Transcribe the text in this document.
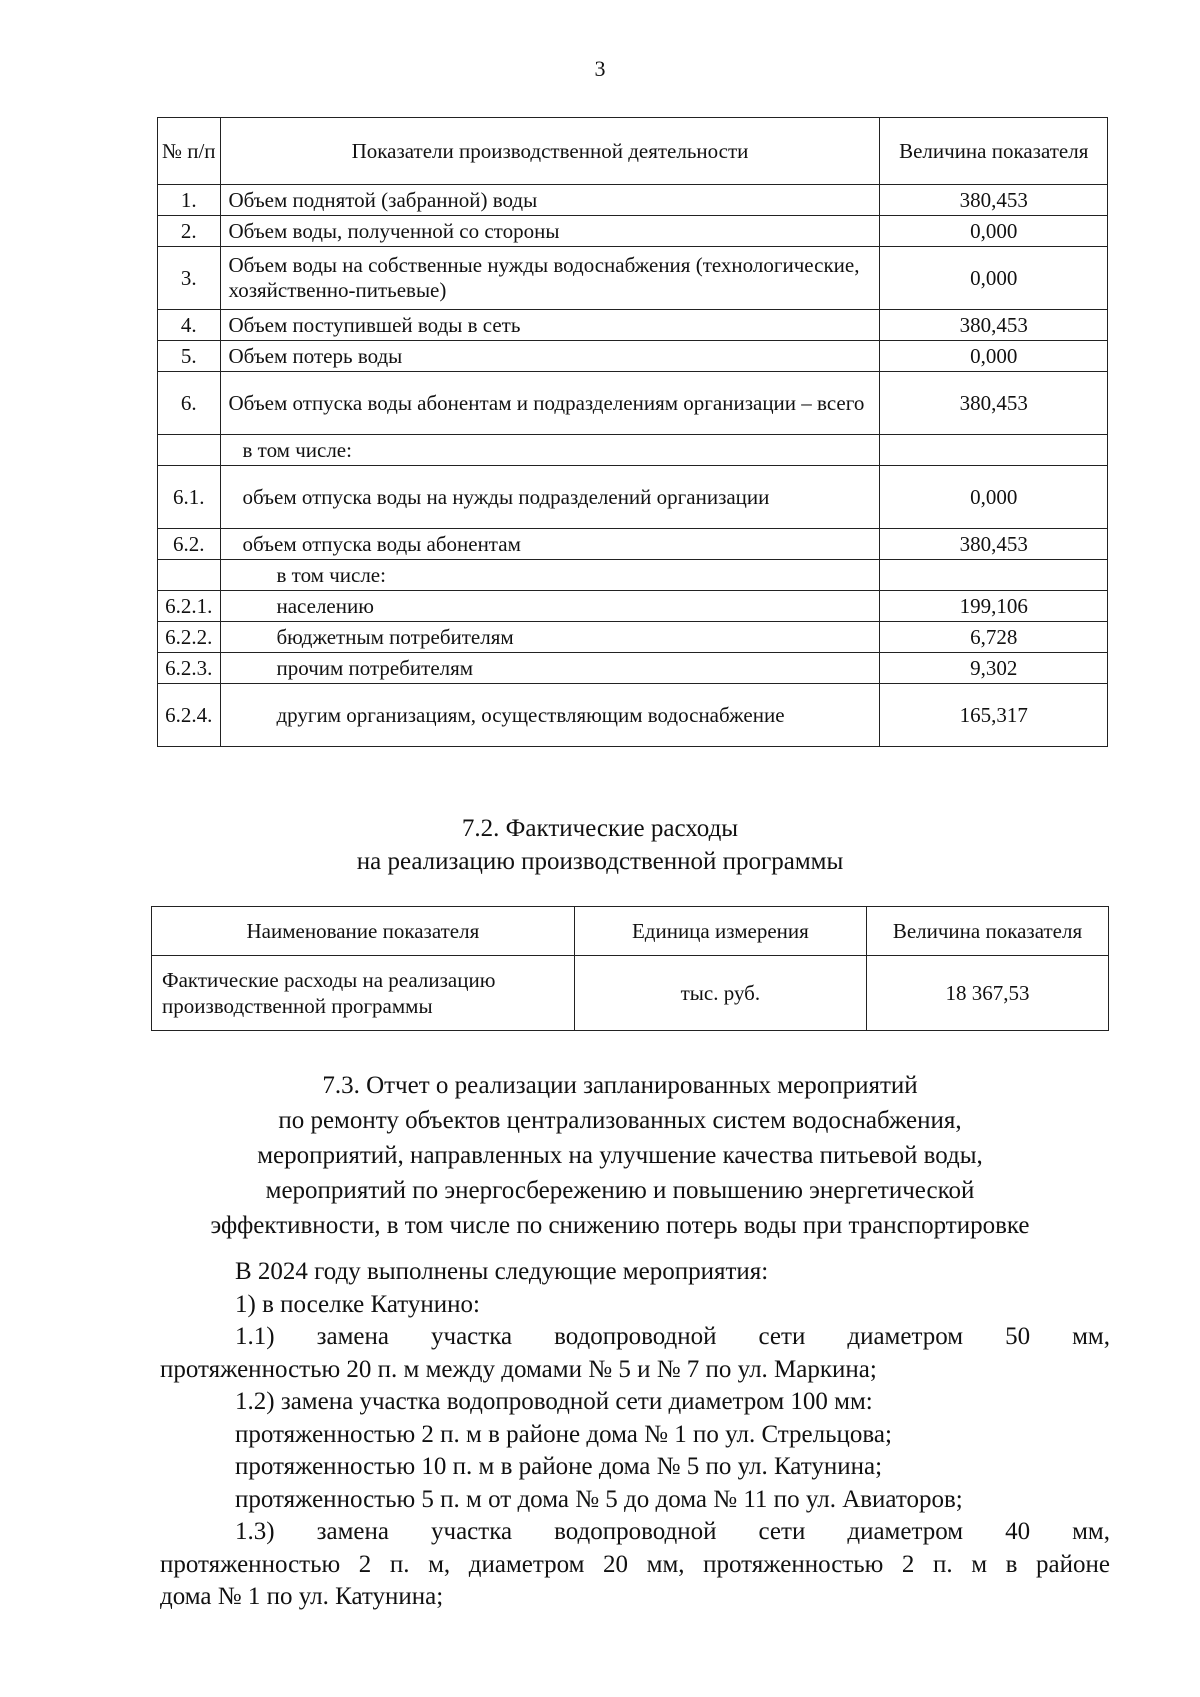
3
№ п/п	Показатели производственной деятельности	Величина показателя
1.	Объем поднятой (забранной) воды	380,453
2.	Объем воды, полученной со стороны	0,000
3.	Объем воды на собственные нужды водоснабжения (технологические, хозяйственно-питьевые)	0,000
4.	Объем поступившей воды в сеть	380,453
5.	Объем потерь воды	0,000
6.	Объем отпуска воды абонентам и подразделениям организации – всего	380,453
	в том числе:	
6.1.	объем отпуска воды на нужды подразделений организации	0,000
6.2.	объем отпуска воды абонентам	380,453
	в том числе:	
6.2.1.	населению	199,106
6.2.2.	бюджетным потребителям	6,728
6.2.3.	прочим потребителям	9,302
6.2.4.	другим организациям, осуществляющим водоснабжение	165,317
7.2. Фактические расходы
на реализацию производственной программы
Наименование показателя	Единица измерения	Величина показателя
Фактические расходы на реализацию производственной программы	тыс. руб.	18 367,53
7.3. Отчет о реализации запланированных мероприятий
по ремонту объектов централизованных систем водоснабжения,
мероприятий, направленных на улучшение качества питьевой воды,
мероприятий по энергосбережению и повышению энергетической
эффективности, в том числе по снижению потерь воды при транспортировке

В 2024 году выполнены следующие мероприятия:

1) в поселке Катунино:

1.1) замена участка водопроводной сети диаметром 50 мм,

протяженностью 20 п. м между домами № 5 и № 7 по ул. Маркина;

1.2) замена участка водопроводной сети диаметром 100 мм:

протяженностью 2 п. м в районе дома № 1 по ул. Стрельцова;

протяженностью 10 п. м в районе дома № 5 по ул. Катунина;

протяженностью 5 п. м от дома № 5 до дома № 11 по ул. Авиаторов;

1.3) замена участка водопроводной сети диаметром 40 мм,

протяженностью 2 п. м, диаметром 20 мм, протяженностью 2 п. м в районе

дома № 1 по ул. Катунина;
